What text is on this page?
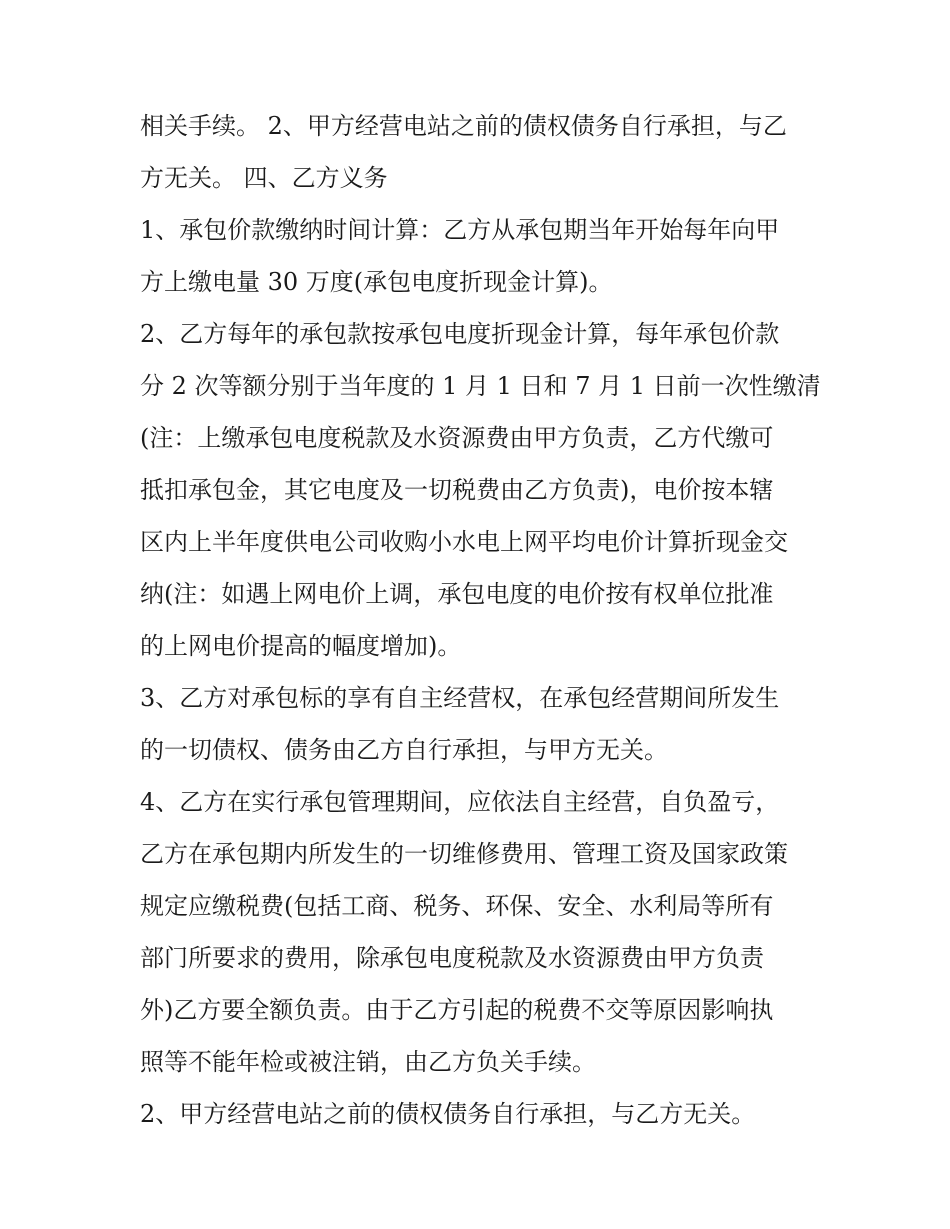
相关手续。 2、甲方经营电站之前的债权债务自行承担，与乙

方无关。 四、乙方义务

1、承包价款缴纳时间计算：乙方从承包期当年开始每年向甲

方上缴电量 30 万度(承包电度折现金计算)。

2、乙方每年的承包款按承包电度折现金计算，每年承包价款

分 2 次等额分别于当年度的 1 月 1 日和 7 月 1 日前一次性缴清

(注：上缴承包电度税款及水资源费由甲方负责，乙方代缴可

抵扣承包金，其它电度及一切税费由乙方负责)，电价按本辖

区内上半年度供电公司收购小水电上网平均电价计算折现金交

纳(注：如遇上网电价上调，承包电度的电价按有权单位批准

的上网电价提高的幅度增加)。

3、乙方对承包标的享有自主经营权，在承包经营期间所发生

的一切债权、债务由乙方自行承担，与甲方无关。

4、乙方在实行承包管理期间，应依法自主经营，自负盈亏，

乙方在承包期内所发生的一切维修费用、管理工资及国家政策

规定应缴税费(包括工商、税务、环保、安全、水利局等所有

部门所要求的费用，除承包电度税款及水资源费由甲方负责

外)乙方要全额负责。由于乙方引起的税费不交等原因影响执

照等不能年检或被注销，由乙方负关手续。

2、甲方经营电站之前的债权债务自行承担，与乙方无关。
